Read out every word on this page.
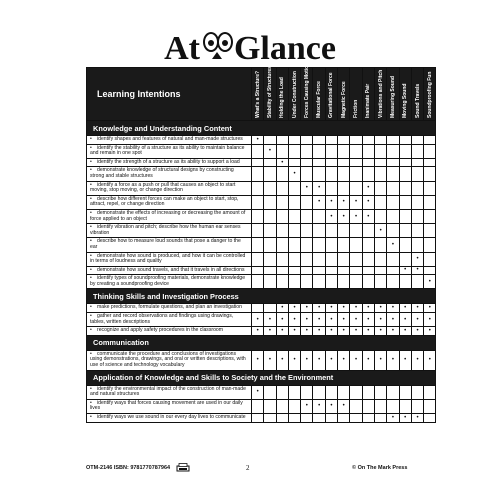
At Glance
Learning Intentions	What's a Structure?	Stability of Structures	Holding the Load	Under Construction	Forces Causing Motion	Muscular Force	Gravitational Force	Magnetic Force	Friction	Inanimate Pair	Vibrations and Pitch	Measuring Sound	Moving Sound	Sound Travels	Soundproofing Fun

Knowledge and Understanding Content															
• identify shapes and features of natural and man-made structures	•														
• identify the stability of a structure as its ability to maintain balance and remain in one spot		•													
• identify the strength of a structure as its ability to support a load			•												
• demonstrate knowledge of structural designs by constructing strong and stable structures				•											
• identify a force as a push or pull that causes an object to start moving, stop moving, or change direction					•	•				•					
• describe how different forces can make an object to start, stop, attract, repel, or change direction						•	•	•	•	•					
• demonstrate the effects of increasing or decreasing the amount of force applied to an object							•	•	•	•					
• identify vibration and pitch; describe how the human ear senses vibration											•				
• describe how to measure loud sounds that pose a danger to the ear												•			
• demonstrate how sound is produced, and how it can be controlled in terms of loudness and quality														•	
• demonstrate how sound travels, and that it travels in all directions													•	•	
• identify types of soundproofing materials, demonstrate knowledge by creating a soundproofing device															•
Thinking Skills and Investigation Process															
• make predictions, formulate questions, and plan an investigation			•	•	•	•	•	•	•	•	•	•	•	•	•
• gather and record observations and findings using drawings, tables, written descriptions	•	•	•	•	•	•	•	•	•	•	•	•	•	•	•
• recognize and apply safety procedures in the classroom	•	•	•	•	•	•	•	•	•	•	•	•	•	•	•
Communication															
• communicate the procedure and conclusions of investigations using demonstrations, drawings, and oral or written descriptions, with use of science and technology vocabulary	•	•	•	•	•	•	•	•	•	•	•	•	•	•	•
Application of Knowledge and Skills to Society and the Environment															
• identify the environmental impact of the construction of man-made and natural structures	•														
• identify ways that forces causing movement are used in our daily lives					•	•	•	•							
• identify ways we use sound in our every day lives to communicate												•	•	•	
OTM-2146 ISBN: 9781770787964	2	© On The Mark Press
